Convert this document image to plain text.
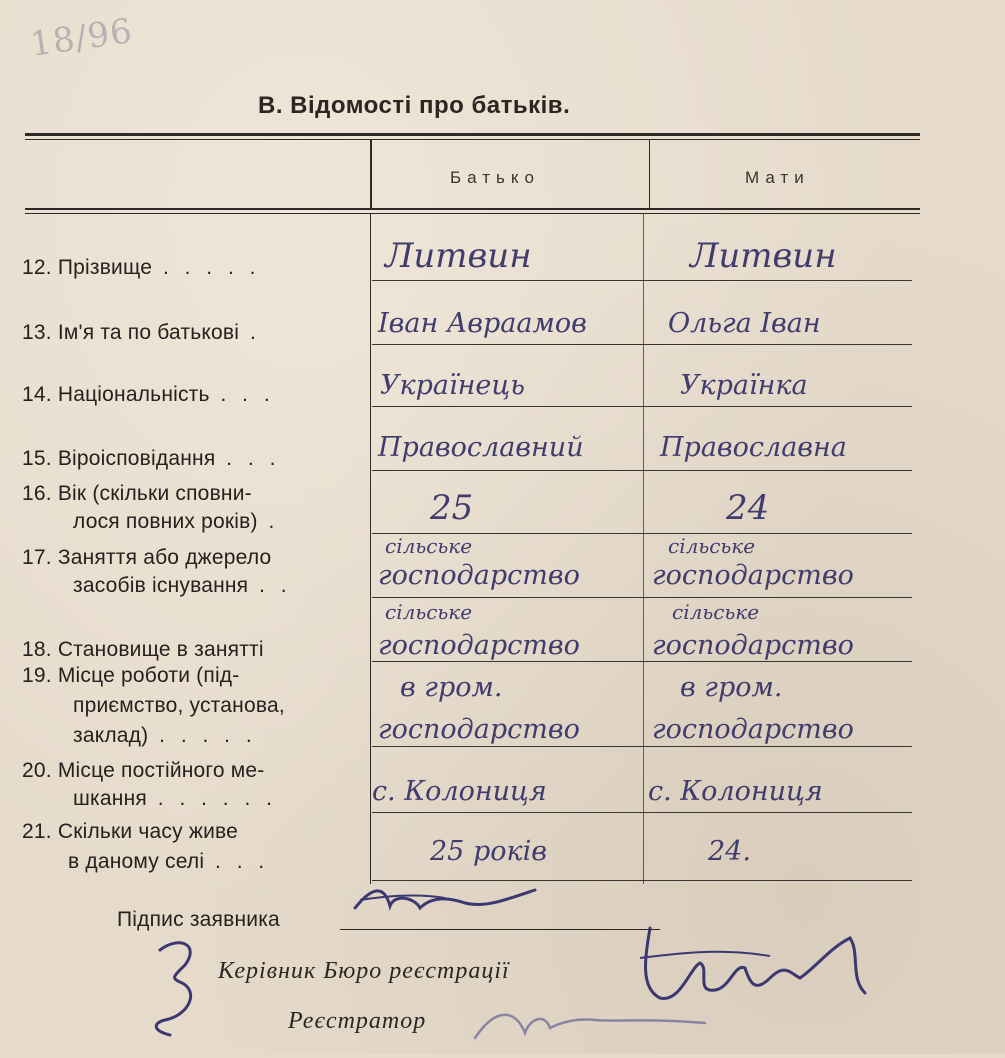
18/96
В. Відомості про батьків.
Батько	Мати
12. Прізвище . . . . .
13. Ім'я та по батькові .
14. Національність . . .
15. Віроісповідання . . .
16. Вік (скільки сповни-
лося повних років) .
17. Заняття або джерело
засобів існування . .
18. Становище в занятті
19. Місце роботи (під-
приємство, установа,
заклад) . . . . .
20. Місце постійного ме-
шкання . . . . . .
21. Скільки часу живе
в даному селі . . .
Литвин
Іван Авраамов
Українець
Православний
25
сільське
господарство
сільське
господарство
в гром.
господарство
с. Колониця
25 років
Литвин
Ольга Іван
Українка
Православна
24
сільське
господарство
сільське
господарство
в гром.
господарство
с. Колониця
24.
Підпис заявника
Керівник Бюро реєстрації
Реєстратор
